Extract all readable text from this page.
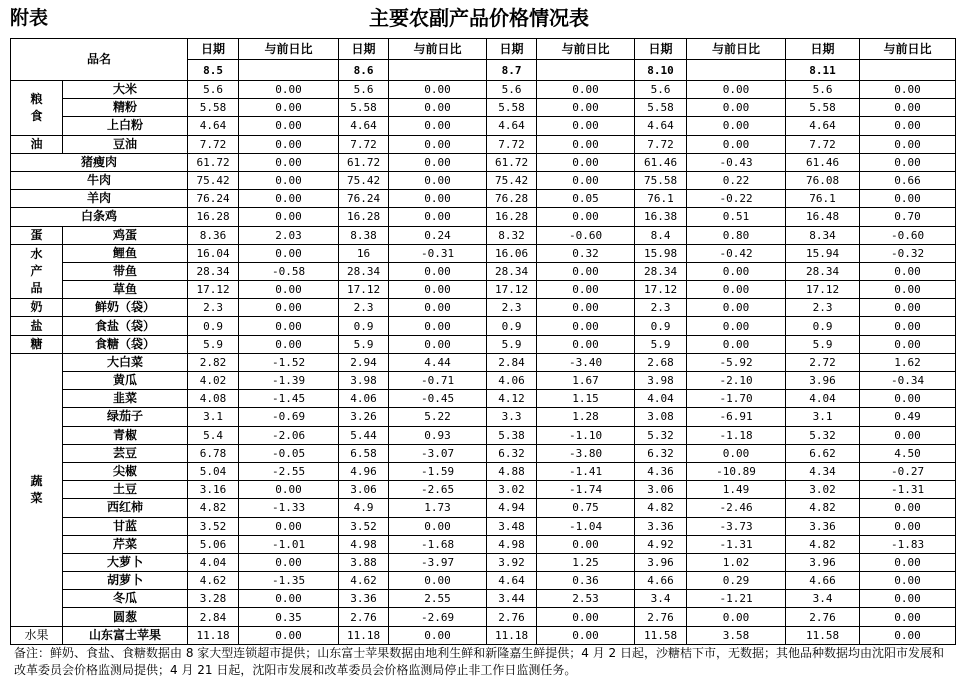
附表	主要农副产品价格情况表
品名		日期	与前日比	日期	与前日比	日期	与前日比	日期	与前日比	日期	与前日比
		8.5		8.6		8.7		8.10		8.11	
粮食	大米	5.6	0.00	5.6	0.00	5.6	0.00	5.6	0.00	5.6	0.00
	精粉	5.58	0.00	5.58	0.00	5.58	0.00	5.58	0.00	5.58	0.00
	上白粉	4.64	0.00	4.64	0.00	4.64	0.00	4.64	0.00	4.64	0.00
油	豆油	7.72	0.00	7.72	0.00	7.72	0.00	7.72	0.00	7.72	0.00
猪瘦肉		61.72	0.00	61.72	0.00	61.72	0.00	61.46	-0.43	61.46	0.00
牛肉		75.42	0.00	75.42	0.00	75.42	0.00	75.58	0.22	76.08	0.66
羊肉		76.24	0.00	76.24	0.00	76.28	0.05	76.1	-0.22	76.1	0.00
白条鸡		16.28	0.00	16.28	0.00	16.28	0.00	16.38	0.51	16.48	0.70
蛋	鸡蛋	8.36	2.03	8.38	0.24	8.32	-0.60	8.4	0.80	8.34	-0.60
水产品	鲤鱼	16.04	0.00	16	-0.31	16.06	0.32	15.98	-0.42	15.94	-0.32
	带鱼	28.34	-0.58	28.34	0.00	28.34	0.00	28.34	0.00	28.34	0.00
	草鱼	17.12	0.00	17.12	0.00	17.12	0.00	17.12	0.00	17.12	0.00
奶	鲜奶（袋）	2.3	0.00	2.3	0.00	2.3	0.00	2.3	0.00	2.3	0.00
盐	食盐（袋）	0.9	0.00	0.9	0.00	0.9	0.00	0.9	0.00	0.9	0.00
糖	食糖（袋）	5.9	0.00	5.9	0.00	5.9	0.00	5.9	0.00	5.9	0.00
蔬菜	大白菜	2.82	-1.52	2.94	4.44	2.84	-3.40	2.68	-5.92	2.72	1.62
	黄瓜	4.02	-1.39	3.98	-0.71	4.06	1.67	3.98	-2.10	3.96	-0.34
	韭菜	4.08	-1.45	4.06	-0.45	4.12	1.15	4.04	-1.70	4.04	0.00
	绿茄子	3.1	-0.69	3.26	5.22	3.3	1.28	3.08	-6.91	3.1	0.49
	青椒	5.4	-2.06	5.44	0.93	5.38	-1.10	5.32	-1.18	5.32	0.00
	芸豆	6.78	-0.05	6.58	-3.07	6.32	-3.80	6.32	0.00	6.62	4.50
	尖椒	5.04	-2.55	4.96	-1.59	4.88	-1.41	4.36	-10.89	4.34	-0.27
	土豆	3.16	0.00	3.06	-2.65	3.02	-1.74	3.06	1.49	3.02	-1.31
	西红柿	4.82	-1.33	4.9	1.73	4.94	0.75	4.82	-2.46	4.82	0.00
	甘蓝	3.52	0.00	3.52	0.00	3.48	-1.04	3.36	-3.73	3.36	0.00
	芹菜	5.06	-1.01	4.98	-1.68	4.98	0.00	4.92	-1.31	4.82	-1.83
	大萝卜	4.04	0.00	3.88	-3.97	3.92	1.25	3.96	1.02	3.96	0.00
	胡萝卜	4.62	-1.35	4.62	0.00	4.64	0.36	4.66	0.29	4.66	0.00
	冬瓜	3.28	0.00	3.36	2.55	3.44	2.53	3.4	-1.21	3.4	0.00
	圆葱	2.84	0.35	2.76	-2.69	2.76	0.00	2.76	0.00	2.76	0.00
水果	山东富士苹果	11.18	0.00	11.18	0.00	11.18	0.00	11.58	3.58	11.58	0.00
备注：鲜奶、食盐、食糖数据由 8 家大型连锁超市提供；山东富士苹果数据由地利生鲜和新隆嘉生鲜提供；4 月 2 日起，沙糖桔下市，无数据；其他品种数据均由沈阳市发展和改革委员会价格监测局提供；4 月 21 日起，沈阳市发展和改革委员会价格监测局停止非工作日监测任务。
